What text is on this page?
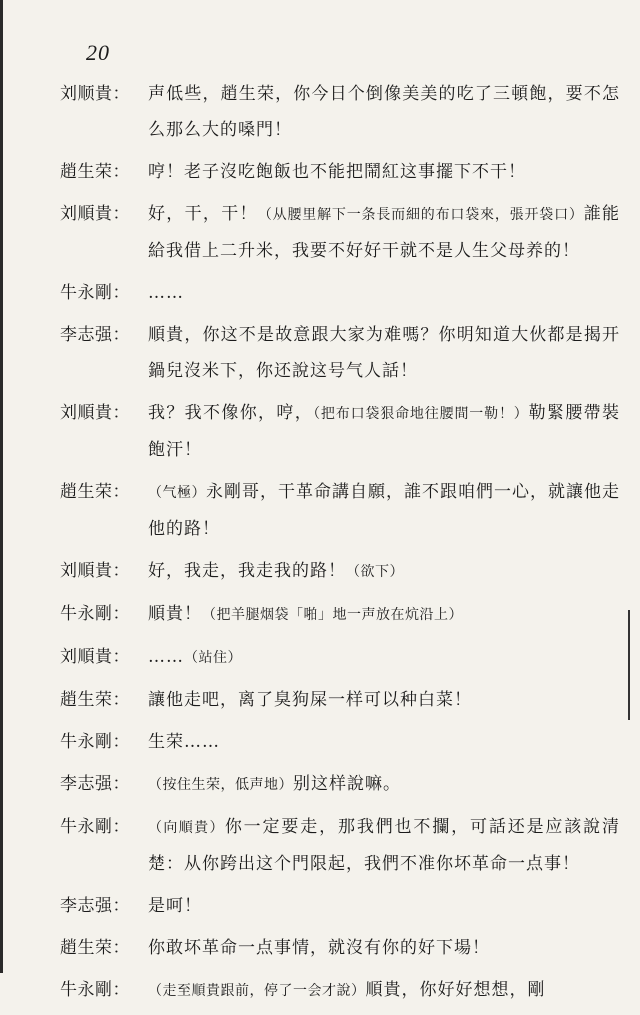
20
刘顺貴：	声低些，趙生荣，你今日个倒像美美的吃了三頓飽，要不怎么那么大的嗓門！
趙生荣：	哼！老子沒吃飽飯也不能把鬧紅这事擺下不干！
刘順貴：	好，干，干！（从腰里解下一条長而細的布口袋來，張开袋口）誰能給我借上二升米，我要不好好干就不是人生父母养的！
牛永剛：	……
李志强：	順貴，你这不是故意跟大家为难嗎？你明知道大伙都是揭开鍋兒沒米下，你还說这号气人話！
刘順貴：	我？我不像你，哼，（把布口袋狠命地往腰間一勒！）勒緊腰帶裝飽汗！
趙生荣：	（气極）永剛哥，干革命講自願，誰不跟咱們一心，就讓他走他的路！
刘順貴：	好，我走，我走我的路！（欲下）
牛永剛：	順貴！（把羊腿烟袋「啪」地一声放在炕沿上）
刘順貴：	……（站住）
趙生荣：	讓他走吧，离了臭狗屎一样可以种白菜！
牛永剛：	生荣……
李志强：	（按住生荣，低声地）别这样說嘛。
牛永剛：	（向順貴）你一定要走，那我們也不攔，可話还是应該說清楚：从你跨出这个門限起，我們不准你坏革命一点事！
李志强：	是呵！
趙生荣：	你敢坏革命一点事情，就沒有你的好下場！
牛永剛：	（走至順貴跟前，停了一会才說）順貴，你好好想想，剛
